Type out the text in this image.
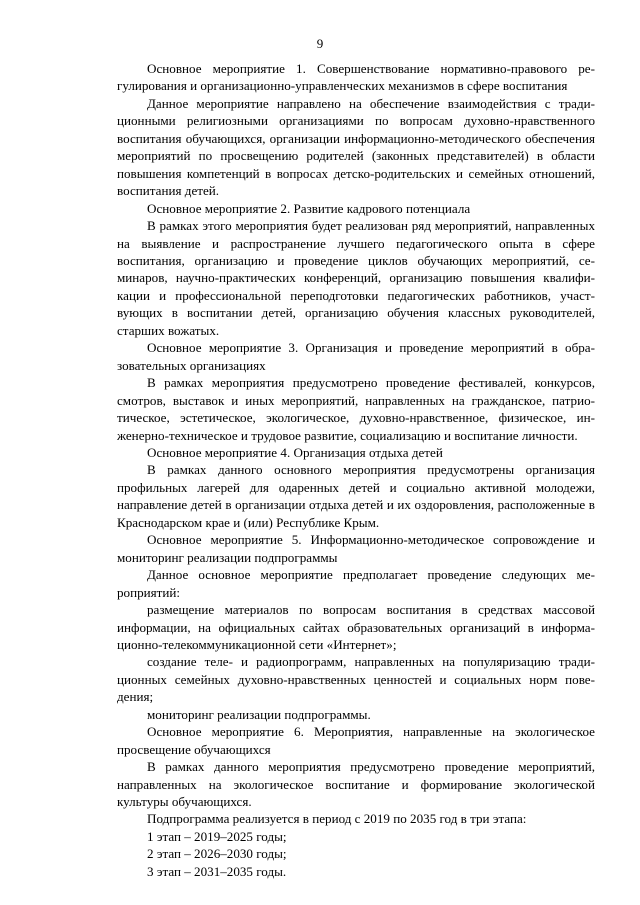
9

Основное мероприятие 1. Совершенствование нормативно-правового регулирования и организационно-управленческих механизмов в сфере воспитания

Данное мероприятие направлено на обеспечение взаимодействия с традиционными религиозными организациями по вопросам духовно-нравственного воспитания обучающихся, организации информационно-методического обеспечения мероприятий по просвещению родителей (законных представителей) в области повышения компетенций в вопросах детско-родительских и семейных отношений, воспитания детей.

Основное мероприятие 2. Развитие кадрового потенциала

В рамках этого мероприятия будет реализован ряд мероприятий, направленных на выявление и распространение лучшего педагогического опыта в сфере воспитания, организацию и проведение циклов обучающих мероприятий, семинаров, научно-практических конференций, организацию повышения квалификации и профессиональной переподготовки педагогических работников, участвующих в воспитании детей, организацию обучения классных руководителей, старших вожатых.

Основное мероприятие 3. Организация и проведение мероприятий в образовательных организациях

В рамках мероприятия предусмотрено проведение фестивалей, конкурсов, смотров, выставок и иных мероприятий, направленных на гражданское, патриотическое, эстетическое, экологическое, духовно-нравственное, физическое, инженерно-техническое и трудовое развитие, социализацию и воспитание личности.

Основное мероприятие 4. Организация отдыха детей

В рамках данного основного мероприятия предусмотрены организация профильных лагерей для одаренных детей и социально активной молодежи, направление детей в организации отдыха детей и их оздоровления, расположенные в Краснодарском крае и (или) Республике Крым.

Основное мероприятие 5. Информационно-методическое сопровождение и мониторинг реализации подпрограммы

Данное основное мероприятие предполагает проведение следующих мероприятий:

размещение материалов по вопросам воспитания в средствах массовой информации, на официальных сайтах образовательных организаций в информационно-телекоммуникационной сети «Интернет»;

создание теле- и радиопрограмм, направленных на популяризацию традиционных семейных духовно-нравственных ценностей и социальных норм поведения;

мониторинг реализации подпрограммы.

Основное мероприятие 6. Мероприятия, направленные на экологическое просвещение обучающихся

В рамках данного мероприятия предусмотрено проведение мероприятий, направленных на экологическое воспитание и формирование экологической культуры обучающихся.

Подпрограмма реализуется в период с 2019 по 2035 год в три этапа:

1 этап – 2019–2025 годы;

2 этап – 2026–2030 годы;

3 этап – 2031–2035 годы.
